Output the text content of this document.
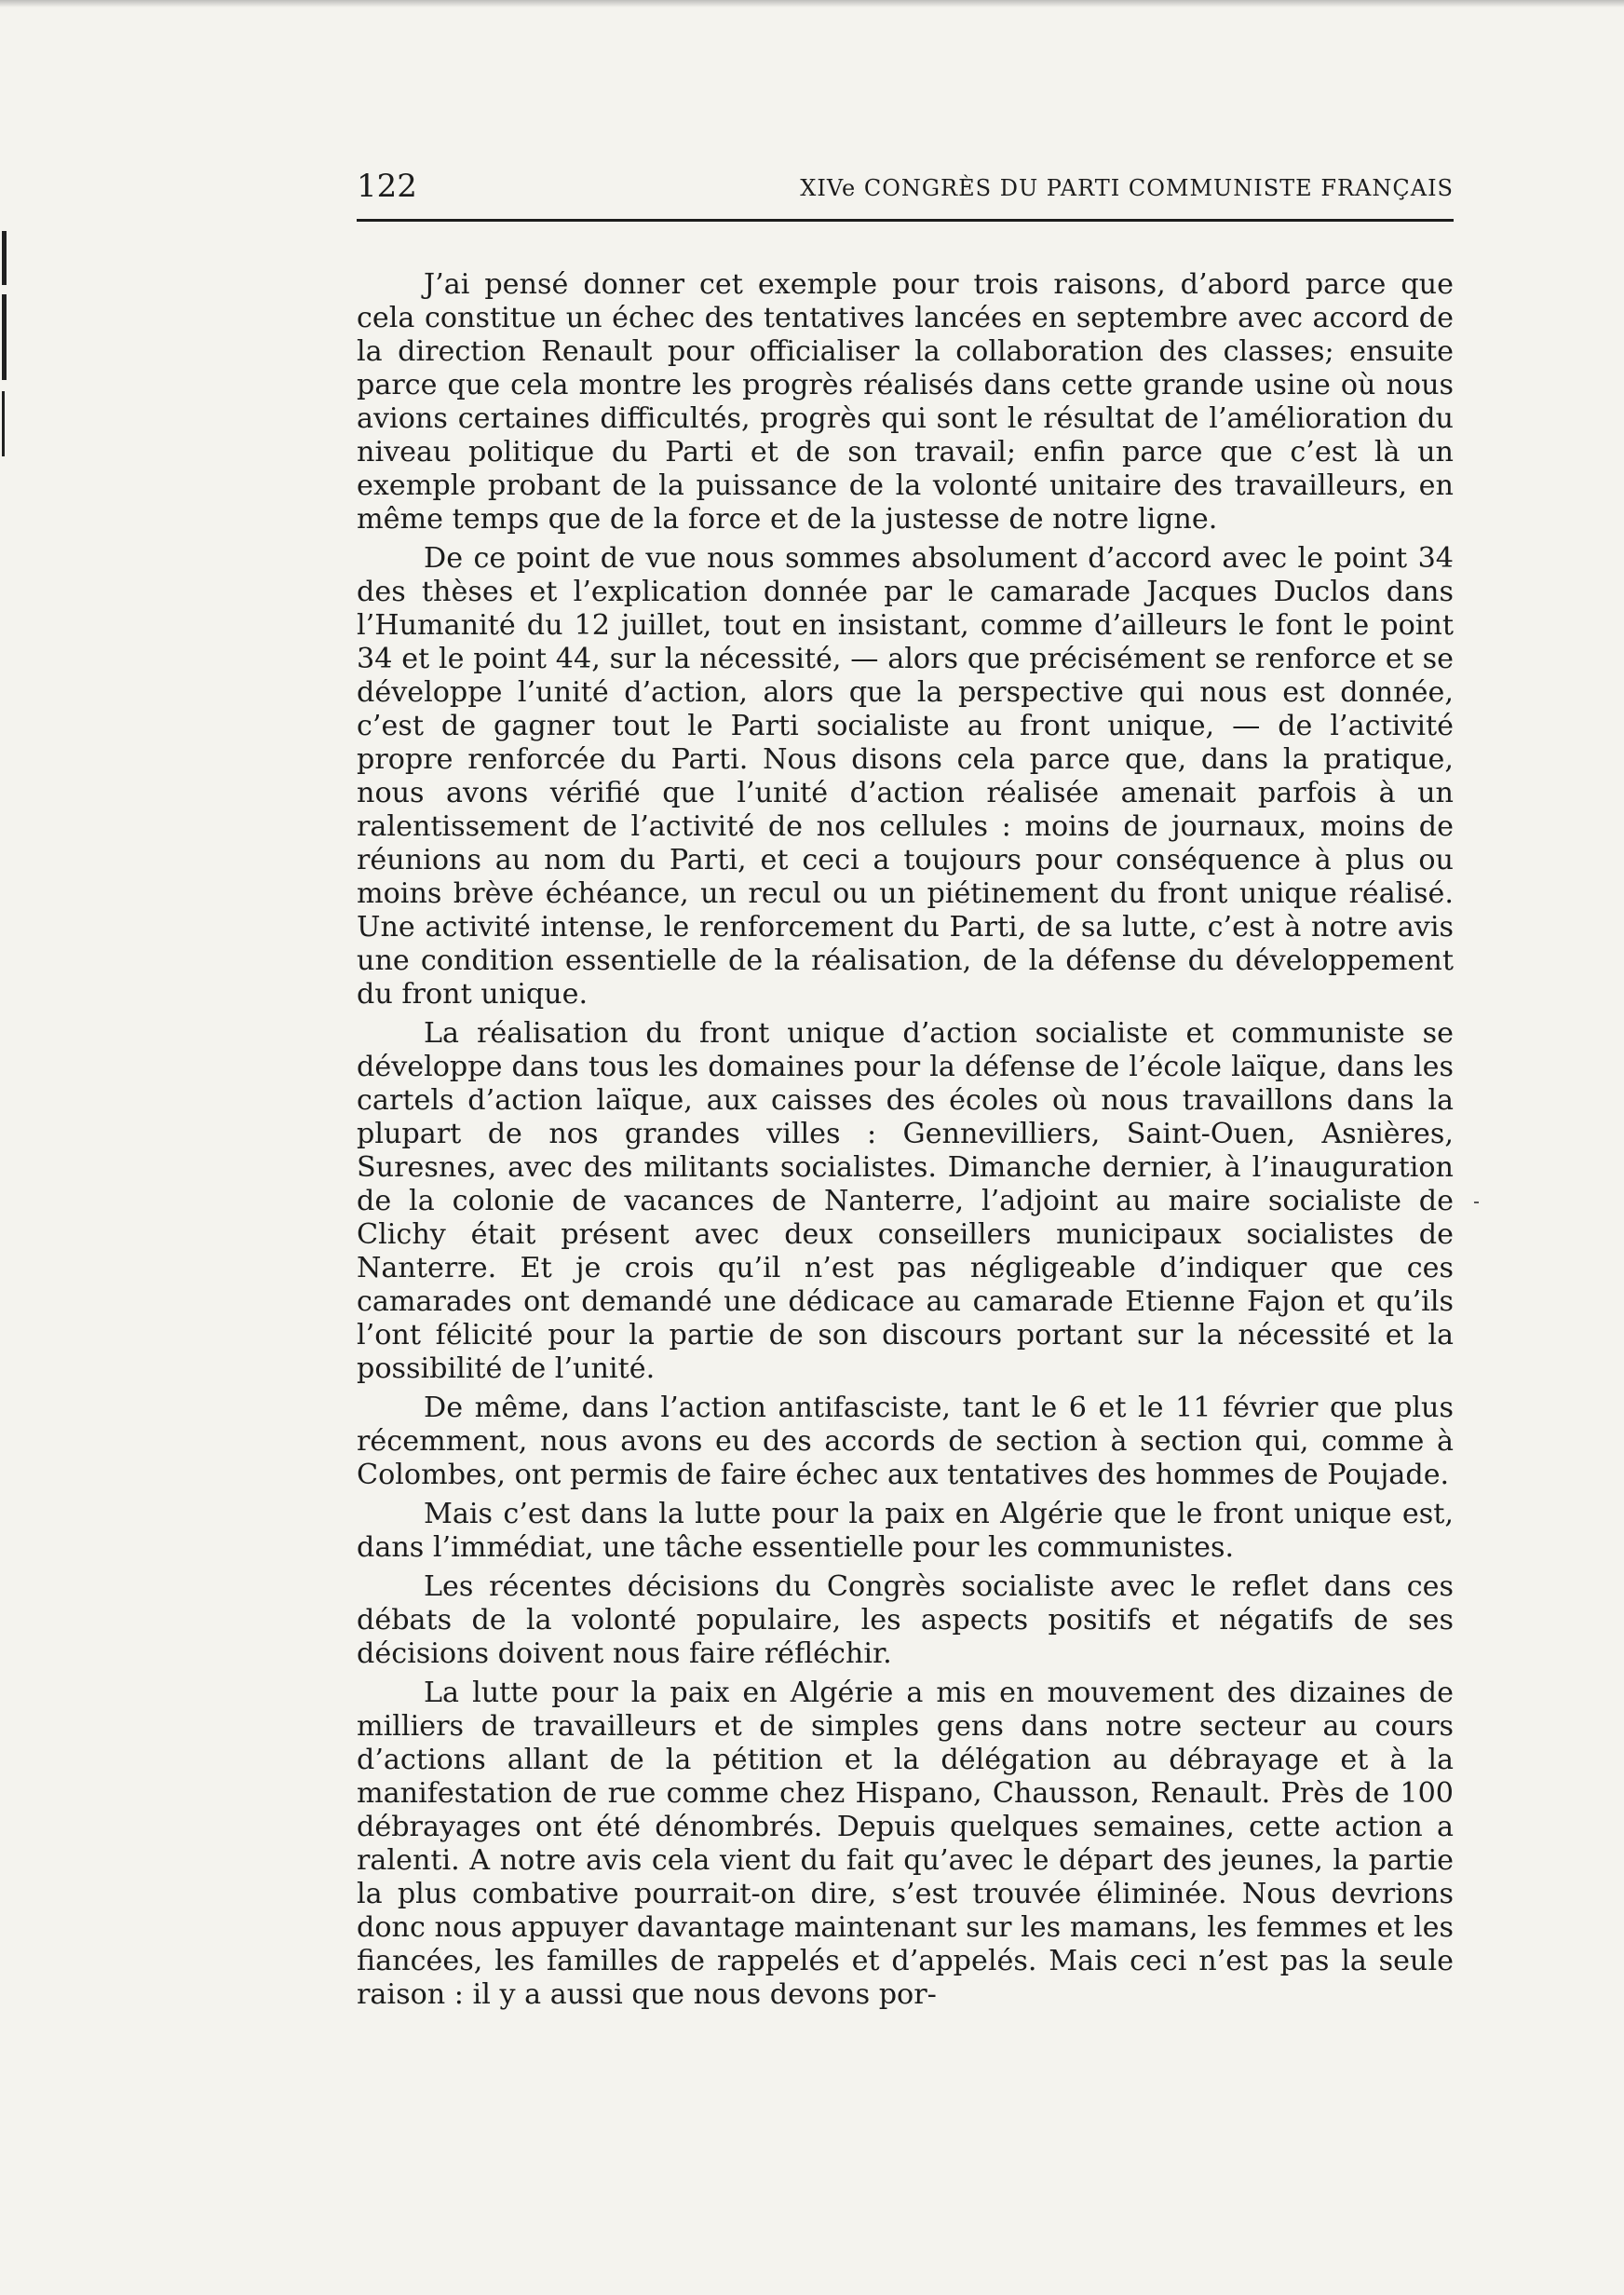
122	XIVe CONGRÈS DU PARTI COMMUNISTE FRANÇAIS

J’ai pensé donner cet exemple pour trois raisons, d’abord parce que cela constitue un échec des tentatives lancées en septembre avec accord de la direction Renault pour officialiser la collaboration des classes; ensuite parce que cela montre les progrès réalisés dans cette grande usine où nous avions certaines difficultés, progrès qui sont le résultat de l’amélioration du niveau politique du Parti et de son travail; enfin parce que c’est là un exemple probant de la puissance de la volonté unitaire des travailleurs, en même temps que de la force et de la justesse de notre ligne.

De ce point de vue nous sommes absolument d’accord avec le point 34 des thèses et l’explication donnée par le camarade Jacques Duclos dans l’Humanité du 12 juillet, tout en insistant, comme d’ailleurs le font le point 34 et le point 44, sur la nécessité, — alors que précisément se renforce et se développe l’unité d’action, alors que la perspective qui nous est donnée, c’est de gagner tout le Parti socialiste au front unique, — de l’activité propre renforcée du Parti. Nous disons cela parce que, dans la pratique, nous avons vérifié que l’unité d’action réalisée amenait parfois à un ralentissement de l’activité de nos cellules : moins de journaux, moins de réunions au nom du Parti, et ceci a toujours pour conséquence à plus ou moins brève échéance, un recul ou un piétinement du front unique réalisé. Une activité intense, le renforcement du Parti, de sa lutte, c’est à notre avis une condition essentielle de la réalisation, de la défense du développement du front unique.

La réalisation du front unique d’action socialiste et communiste se développe dans tous les domaines pour la défense de l’école laïque, dans les cartels d’action laïque, aux caisses des écoles où nous travaillons dans la plupart de nos grandes villes : Gennevilliers, Saint-Ouen, Asnières, Suresnes, avec des militants socialistes. Dimanche dernier, à l’inauguration de la colonie de vacances de Nanterre, l’adjoint au maire socialiste de Clichy était présent avec deux conseillers municipaux socialistes de Nanterre. Et je crois qu’il n’est pas négligeable d’indiquer que ces camarades ont demandé une dédicace au camarade Etienne Fajon et qu’ils l’ont félicité pour la partie de son discours portant sur la nécessité et la possibilité de l’unité.

De même, dans l’action antifasciste, tant le 6 et le 11 février que plus récemment, nous avons eu des accords de section à section qui, comme à Colombes, ont permis de faire échec aux tentatives des hommes de Poujade.

Mais c’est dans la lutte pour la paix en Algérie que le front unique est, dans l’immédiat, une tâche essentielle pour les communistes.

Les récentes décisions du Congrès socialiste avec le reflet dans ces débats de la volonté populaire, les aspects positifs et négatifs de ses décisions doivent nous faire réfléchir.

La lutte pour la paix en Algérie a mis en mouvement des dizaines de milliers de travailleurs et de simples gens dans notre secteur au cours d’actions allant de la pétition et la délégation au débrayage et à la manifestation de rue comme chez Hispano, Chausson, Renault. Près de 100 débrayages ont été dénombrés. Depuis quelques semaines, cette action a ralenti. A notre avis cela vient du fait qu’avec le départ des jeunes, la partie la plus combative pourrait-on dire, s’est trouvée éliminée. Nous devrions donc nous appuyer davantage maintenant sur les mamans, les femmes et les fiancées, les familles de rappelés et d’appelés. Mais ceci n’est pas la seule raison : il y a aussi que nous devons por-
